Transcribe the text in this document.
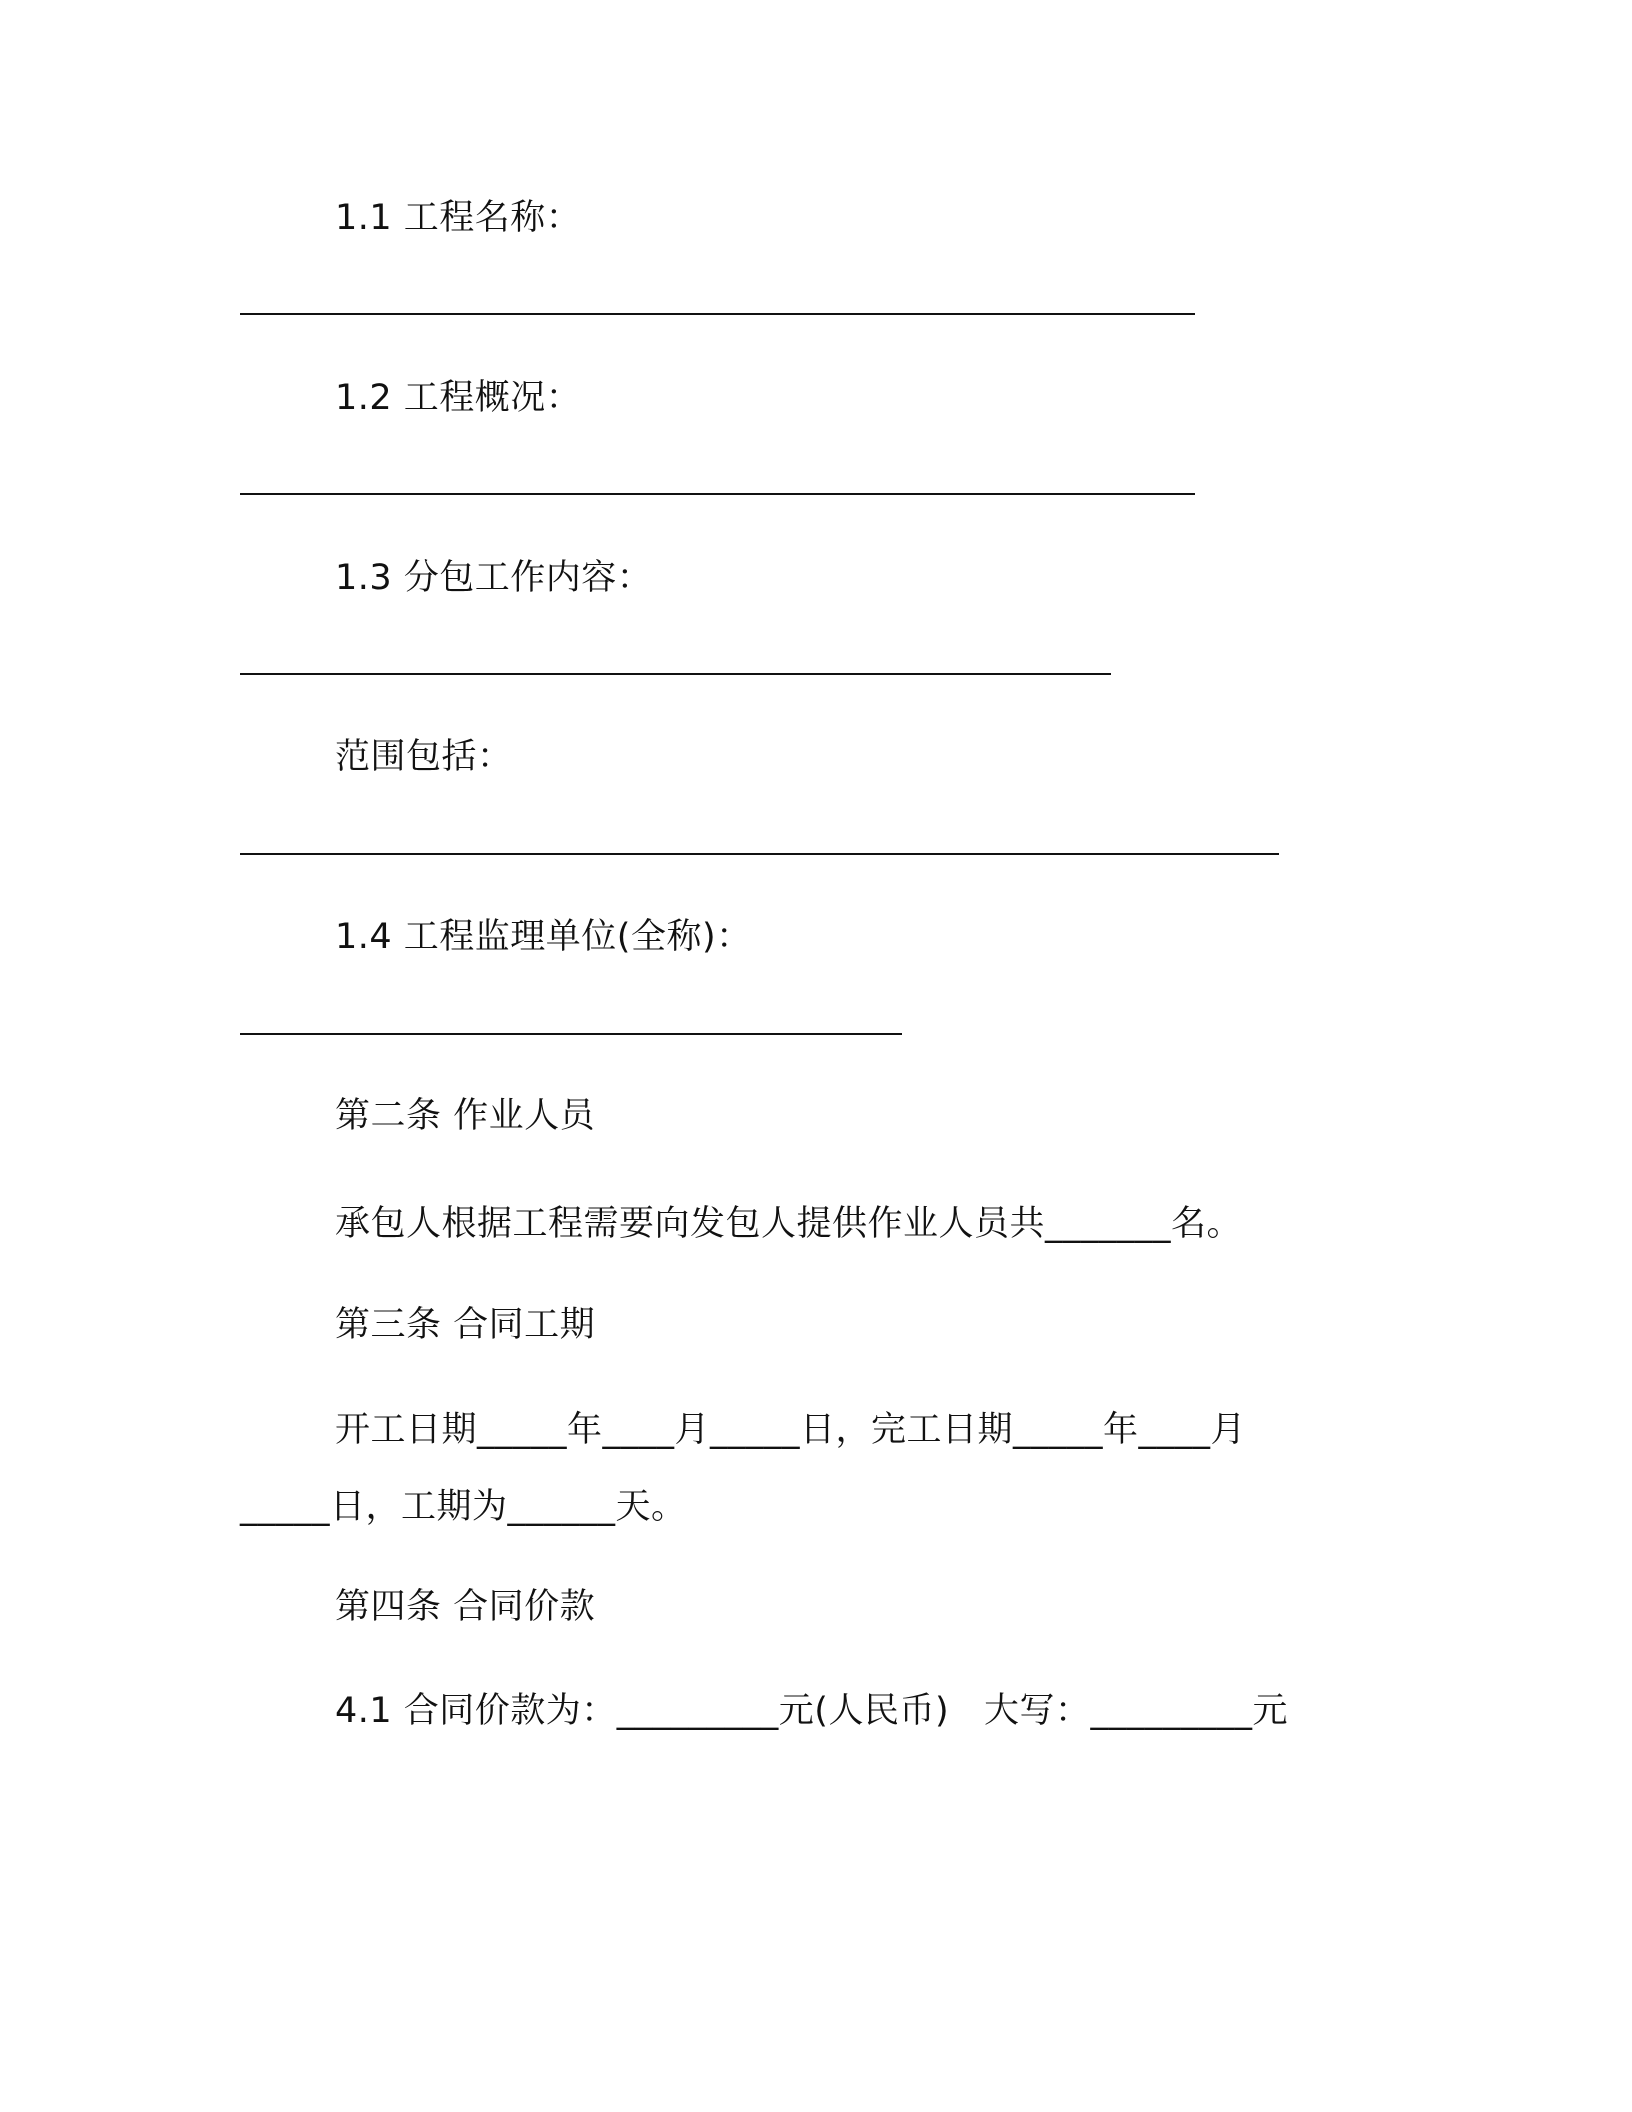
1.1 工程名称：
1.2 工程概况：
1.3 分包工作内容：
范围包括：
1.4 工程监理单位(全称)：
第二条 作业人员
承包人根据工程需要向发包人提供作业人员共_______名。
第三条 合同工期
开工日期_____年____月_____日，完工日期_____年____月
_____日，工期为______天。
第四条 合同价款
4.1 合同价款为：_________元(人民币)   大写：_________元
